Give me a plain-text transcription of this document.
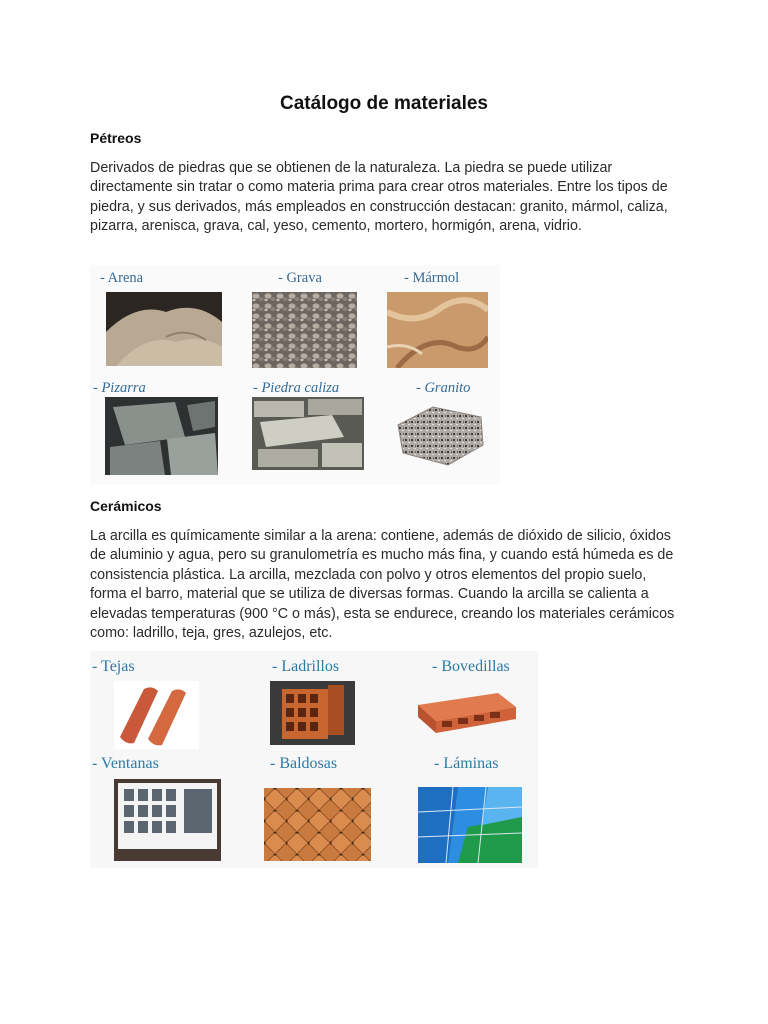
Catálogo de materiales
Pétreos
Derivados de piedras que se obtienen de la naturaleza. La piedra se puede utilizar directamente sin tratar o como materia prima para crear otros materiales. Entre los tipos de piedra, y sus derivados, más empleados en construcción destacan: granito, mármol, caliza, pizarra, arenisca, grava, cal, yeso, cemento, mortero, hormigón, arena, vidrio.
- Arena	- Grava	- Mármol
- Pizarra	- Piedra caliza	- Granito
Cerámicos
La arcilla es químicamente similar a la arena: contiene, además de dióxido de silicio, óxidos de aluminio y agua, pero su granulometría es mucho más fina, y cuando está húmeda es de consistencia plástica. La arcilla, mezclada con polvo y otros elementos del propio suelo, forma el barro, material que se utiliza de diversas formas. Cuando la arcilla se calienta a elevadas temperaturas (900 °C o más), esta se endurece, creando los materiales cerámicos como: ladrillo, teja, gres, azulejos, etc.
- Tejas	- Ladrillos	- Bovedillas
- Ventanas	- Baldosas	- Láminas
